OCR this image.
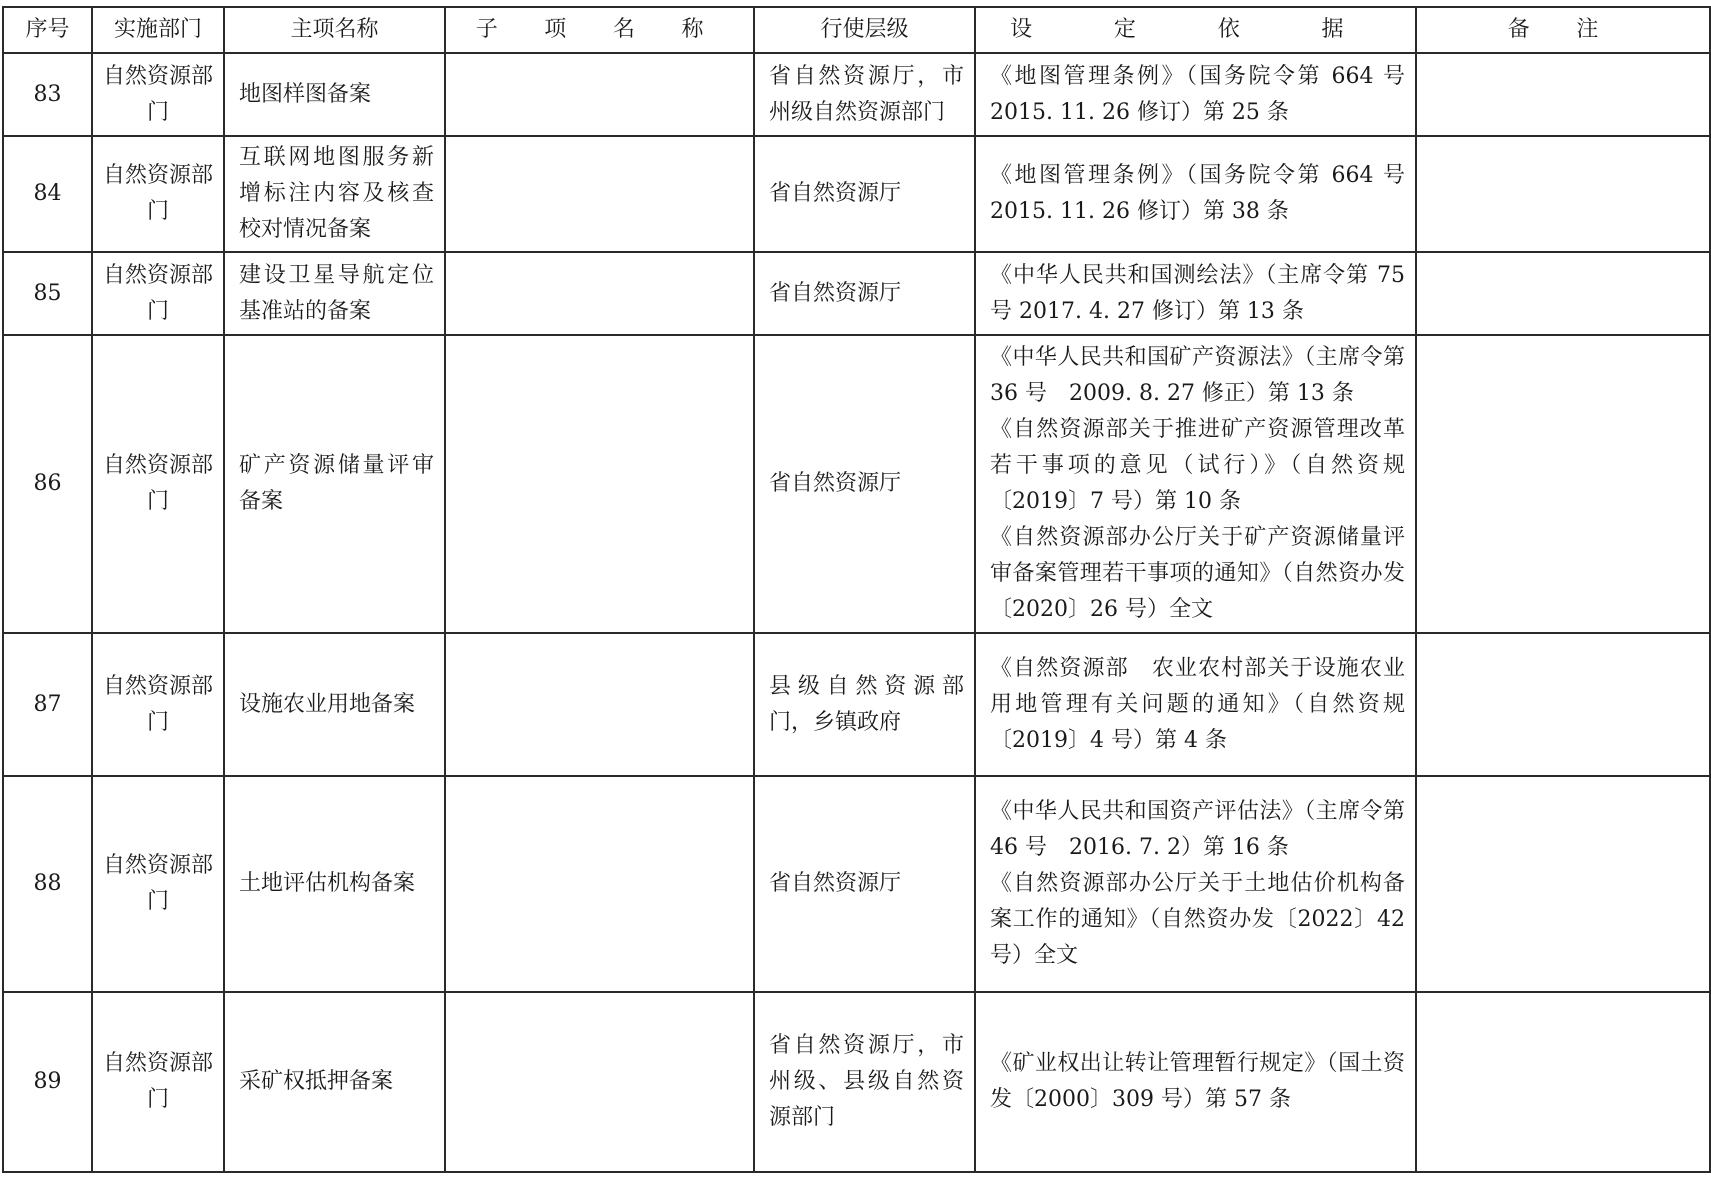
序号	实施部门	主项名称	子 项 名 称	行使层级	设 定 依 据	备 注
83	自然资源部门	地图样图备案		省自然资源厅，市州级自然资源部门	《地图管理条例》（国务院令第 664 号 2015. 11. 26 修订）第 25 条	

84	自然资源部门	互联网地图服务新增标注内容及核查校对情况备案		省自然资源厅	《地图管理条例》（国务院令第 664 号 2015. 11. 26 修订）第 38 条	

85	自然资源部门	建设卫星导航定位基准站的备案		省自然资源厅	《中华人民共和国测绘法》（主席令第 75 号 2017. 4. 27 修订）第 13 条	

86	自然资源部门	矿产资源储量评审备案		省自然资源厅	《中华人民共和国矿产资源法》（主席令第 36 号　2009. 8. 27 修正）第 13 条
《自然资源部关于推进矿产资源管理改革若干事项的意见（试行）》（自然资规〔2019〕7 号）第 10 条
《自然资源部办公厅关于矿产资源储量评审备案管理若干事项的通知》（自然资办发〔2020〕26 号）全文	

87	自然资源部门	设施农业用地备案		县级自然资源部门，乡镇政府	《自然资源部　农业农村部关于设施农业用地管理有关问题的通知》（自然资规〔2019〕4 号）第 4 条	

88	自然资源部门	土地评估机构备案		省自然资源厅	《中华人民共和国资产评估法》（主席令第 46 号　2016. 7. 2）第 16 条
《自然资源部办公厅关于土地估价机构备案工作的通知》（自然资办发〔2022〕42 号）全文	

89	自然资源部门	采矿权抵押备案		省自然资源厅，市州级、县级自然资源部门	《矿业权出让转让管理暂行规定》（国土资发〔2000〕309 号）第 57 条	
